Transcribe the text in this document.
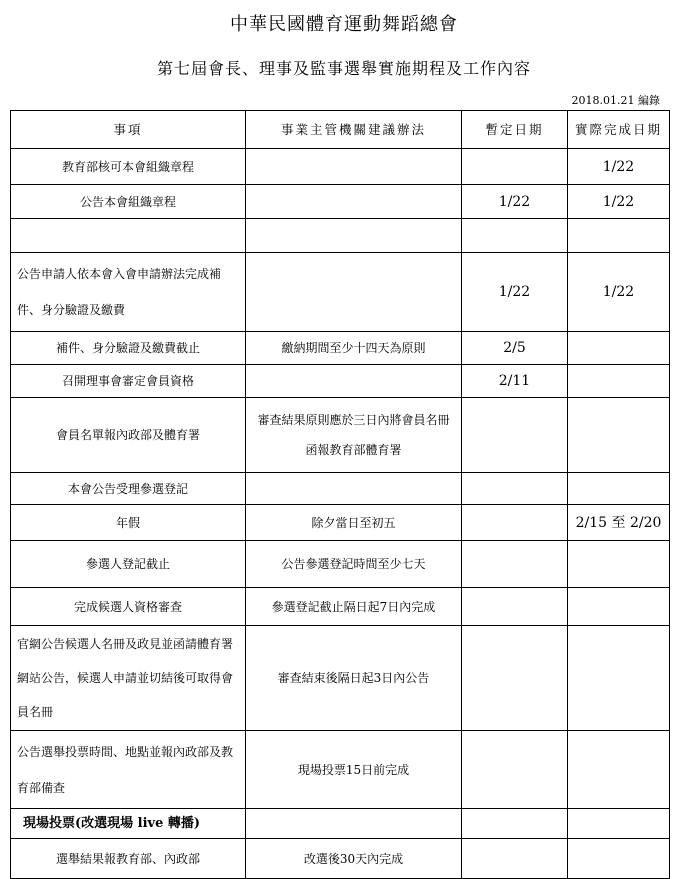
中華民國體育運動舞蹈總會
第七屆會長、理事及監事選舉實施期程及工作內容
2018.01.21 編錄
事項	事業主管機關建議辦法	暫定日期	實際完成日期
教育部核可本會組織章程			1/22
公告本會組織章程		1/22	1/22

公告申請人依本會入會申請辦法完成補件、身分驗證及繳費		1/22	1/22
補件、身分驗證及繳費截止	繳納期間至少十四天為原則	2/5	
召開理事會審定會員資格		2/11	
會員名單報內政部及體育署	審查結果原則應於三日內將會員名冊函報教育部體育署		
本會公告受理參選登記			
年假	除夕當日至初五		2/15 至 2/20
參選人登記截止	公告參選登記時間至少七天		
完成候選人資格審查	參選登記截止隔日起7日內完成		
官網公告候選人名冊及政見並函請體育署網站公告，候選人申請並切結後可取得會員名冊	審查結束後隔日起3日內公告		
公告選舉投票時間、地點並報內政部及教育部備查	現場投票15日前完成		
現場投票(改選現場 live 轉播)			
選舉結果報教育部、內政部	改選後30天內完成		
